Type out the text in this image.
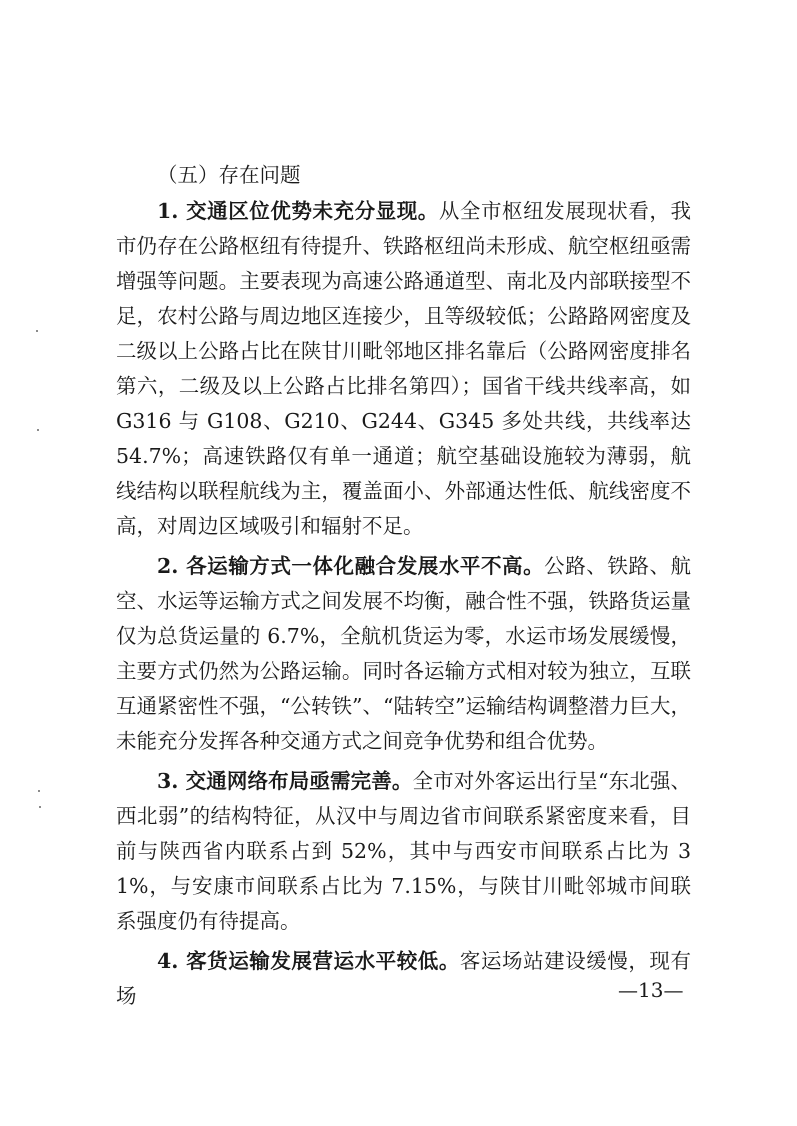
（五）存在问题

1. 交通区位优势未充分显现。从全市枢纽发展现状看，我市仍存在公路枢纽有待提升、铁路枢纽尚未形成、航空枢纽亟需增强等问题。主要表现为高速公路通道型、南北及内部联接型不足，农村公路与周边地区连接少，且等级较低；公路路网密度及二级以上公路占比在陕甘川毗邻地区排名靠后（公路网密度排名第六，二级及以上公路占比排名第四）；国省干线共线率高，如 G316 与 G108、G210、G244、G345 多处共线，共线率达 54.7%；高速铁路仅有单一通道；航空基础设施较为薄弱，航线结构以联程航线为主，覆盖面小、外部通达性低、航线密度不高，对周边区域吸引和辐射不足。

2. 各运输方式一体化融合发展水平不高。公路、铁路、航空、水运等运输方式之间发展不均衡，融合性不强，铁路货运量仅为总货运量的 6.7%，全航机货运为零，水运市场发展缓慢，主要方式仍然为公路运输。同时各运输方式相对较为独立，互联互通紧密性不强，“公转铁”、“陆转空”运输结构调整潜力巨大，未能充分发挥各种交通方式之间竞争优势和组合优势。

3. 交通网络布局亟需完善。全市对外客运出行呈“东北强、西北弱”的结构特征，从汉中与周边省市间联系紧密度来看，目前与陕西省内联系占到 52%，其中与西安市间联系占比为 31%，与安康市间联系占比为 7.15%，与陕甘川毗邻城市间联系强度仍有待提高。

4. 客货运输发展营运水平较低。客运场站建设缓慢，现有场	—13—
